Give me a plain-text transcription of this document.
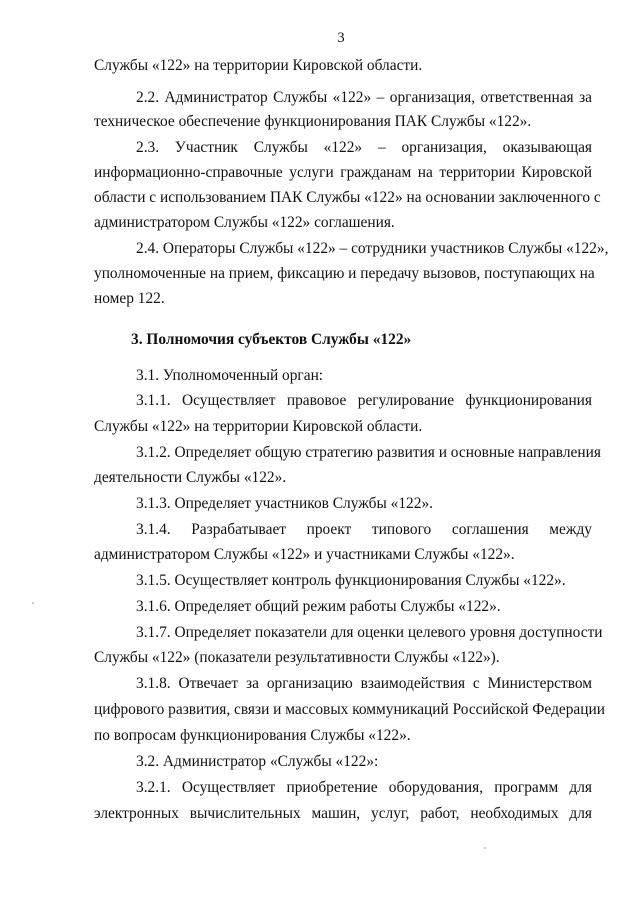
3
Службы «122» на территории Кировской области.
2.2. Администратор Службы «122» – организация, ответственная за
техническое обеспечение функционирования ПАК Службы «122».
2.3. Участник Службы «122» – организация, оказывающая
информационно-справочные услуги гражданам на территории Кировской
области с использованием ПАК Службы «122» на основании заключенного с
администратором Службы «122» соглашения.
2.4. Операторы Службы «122» – сотрудники участников Службы «122»,
уполномоченные на прием, фиксацию и передачу вызовов, поступающих на
номер 122.
3. Полномочия субъектов Службы «122»
3.1. Уполномоченный орган:
3.1.1. Осуществляет правовое регулирование функционирования
Службы «122» на территории Кировской области.
3.1.2. Определяет общую стратегию развития и основные направления
деятельности Службы «122».
3.1.3. Определяет участников Службы «122».
3.1.4. Разрабатывает проект типового соглашения между
администратором Службы «122» и участниками Службы «122».
3.1.5. Осуществляет контроль функционирования Службы «122».
3.1.6. Определяет общий режим работы Службы «122».
3.1.7. Определяет показатели для оценки целевого уровня доступности
Службы «122» (показатели результативности Службы «122»).
3.1.8. Отвечает за организацию взаимодействия с Министерством
цифрового развития, связи и массовых коммуникаций Российской Федерации
по вопросам функционирования Службы «122».
3.2. Администратор «Службы «122»:
3.2.1. Осуществляет приобретение оборудования, программ для
электронных вычислительных машин, услуг, работ, необходимых для
